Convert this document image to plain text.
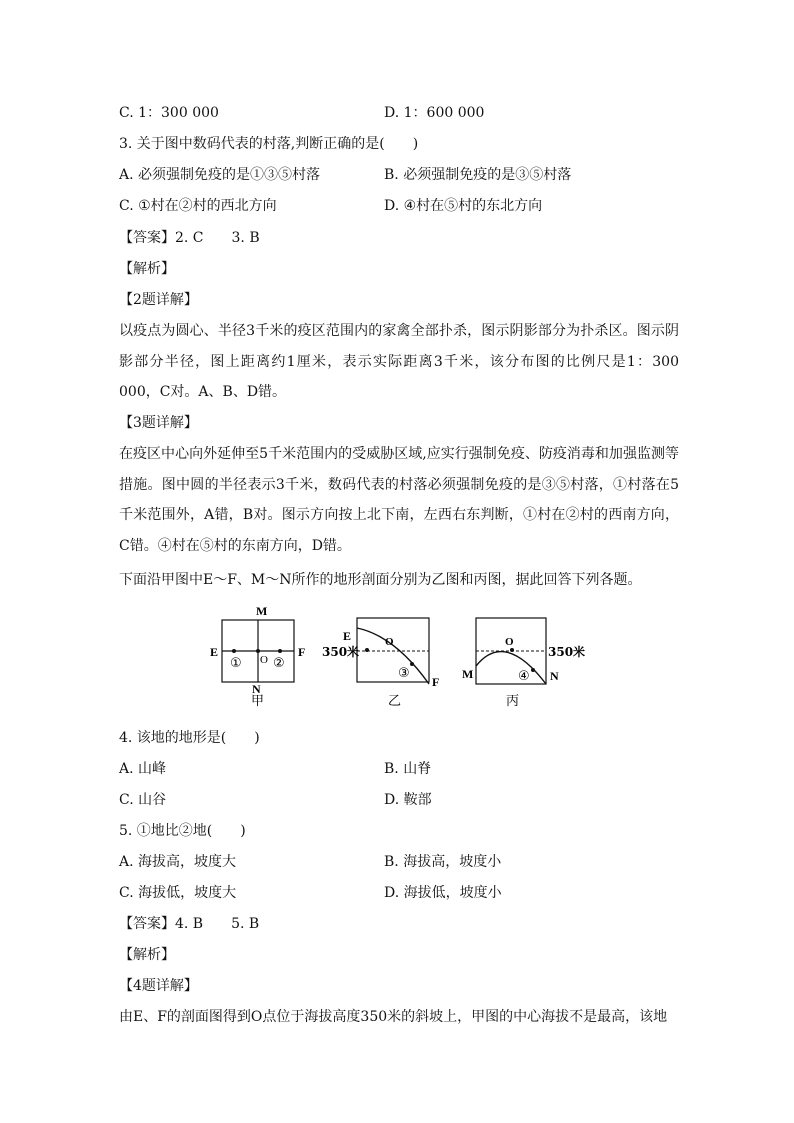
C. 1：300 000	D. 1：600 000
3. 关于图中数码代表的村落,判断正确的是(　　)
A. 必须强制免疫的是①③⑤村落	B. 必须强制免疫的是③⑤村落
C. ①村在②村的西北方向	D. ④村在⑤村的东北方向
【答案】2. C　　3. B
【解析】
【2题详解】
以疫点为圆心、半径3千米的疫区范围内的家禽全部扑杀，图示阴影部分为扑杀区。图示阴影部分半径，图上距离约1厘米，表示实际距离3千米，该分布图的比例尺是1：300 000，C对。A、B、D错。
【3题详解】
在疫区中心向外延伸至5千米范围内的受威胁区域,应实行强制免疫、防疫消毒和加强监测等措施。图中圆的半径表示3千米，数码代表的村落必须强制免疫的是③⑤村落，①村落在5千米范围外，A错，B对。图示方向按上北下南，左西右东判断，①村在②村的西南方向，C错。④村在⑤村的东南方向，D错。
下面沿甲图中E～F、M～N所作的地形剖面分别为乙图和丙图，据此回答下列各题。
M
E	F
① O ②
N
甲
E
350米
O
③
F
乙
O
350米
M	④ N
丙
4. 该地的地形是(　　)
A. 山峰	B. 山脊
C. 山谷	D. 鞍部
5. ①地比②地(　　)
A. 海拔高，坡度大	B. 海拔高，坡度小
C. 海拔低，坡度大	D. 海拔低，坡度小
【答案】4. B　　5. B
【解析】
【4题详解】
由E、F的剖面图得到O点位于海拔高度350米的斜坡上，甲图的中心海拔不是最高，该地
